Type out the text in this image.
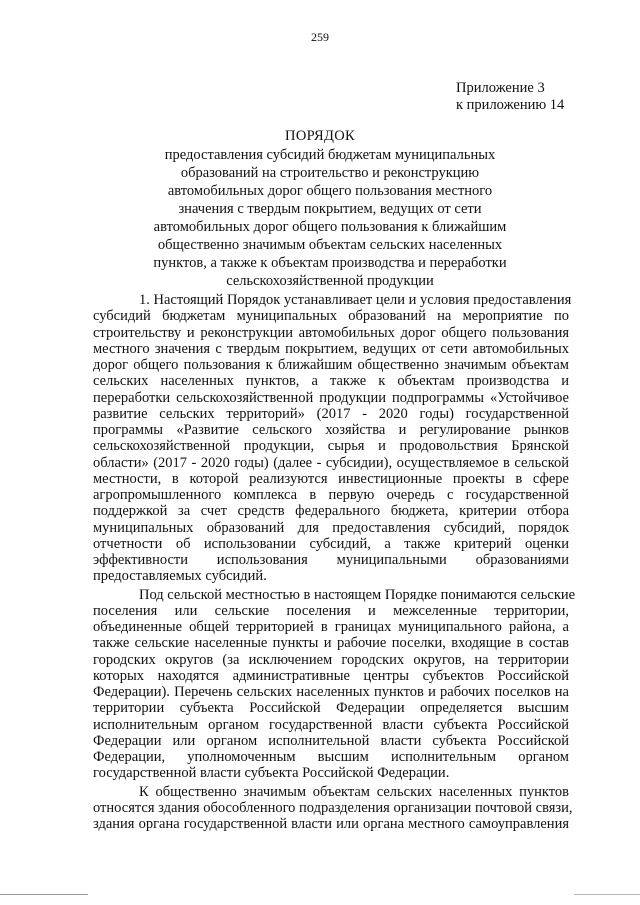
259
Приложение 3
к приложению 14
ПОРЯДОК
предоставления субсидий бюджетам муниципальных
образований на строительство и реконструкцию
автомобильных дорог общего пользования местного
значения с твердым покрытием, ведущих от сети
автомобильных дорог общего пользования к ближайшим
общественно значимым объектам сельских населенных
пунктов, а также к объектам производства и переработки
сельскохозяйственной продукции
1. Настоящий Порядок устанавливает цели и условия предоставления
субсидий бюджетам муниципальных образований на мероприятие по
строительству и реконструкции автомобильных дорог общего пользования
местного значения с твердым покрытием, ведущих от сети автомобильных
дорог общего пользования к ближайшим общественно значимым объектам
сельских населенных пунктов, а также к объектам производства и
переработки сельскохозяйственной продукции подпрограммы «Устойчивое
развитие сельских территорий» (2017 - 2020 годы) государственной
программы «Развитие сельского хозяйства и регулирование рынков
сельскохозяйственной продукции, сырья и продовольствия Брянской
области» (2017 - 2020 годы) (далее - субсидии), осуществляемое в сельской
местности, в которой реализуются инвестиционные проекты в сфере
агропромышленного комплекса в первую очередь с государственной
поддержкой за счет средств федерального бюджета, критерии отбора
муниципальных образований для предоставления субсидий, порядок
отчетности об использовании субсидий, а также критерий оценки
эффективности использования муниципальными образованиями
предоставляемых субсидий.
Под сельской местностью в настоящем Порядке понимаются сельские
поселения или сельские поселения и межселенные территории,
объединенные общей территорией в границах муниципального района, а
также сельские населенные пункты и рабочие поселки, входящие в состав
городских округов (за исключением городских округов, на территории
которых находятся административные центры субъектов Российской
Федерации). Перечень сельских населенных пунктов и рабочих поселков на
территории субъекта Российской Федерации определяется высшим
исполнительным органом государственной власти субъекта Российской
Федерации или органом исполнительной власти субъекта Российской
Федерации, уполномоченным высшим исполнительным органом
государственной власти субъекта Российской Федерации.
К общественно значимым объектам сельских населенных пунктов
относятся здания обособленного подразделения организации почтовой связи,
здания органа государственной власти или органа местного самоуправления
